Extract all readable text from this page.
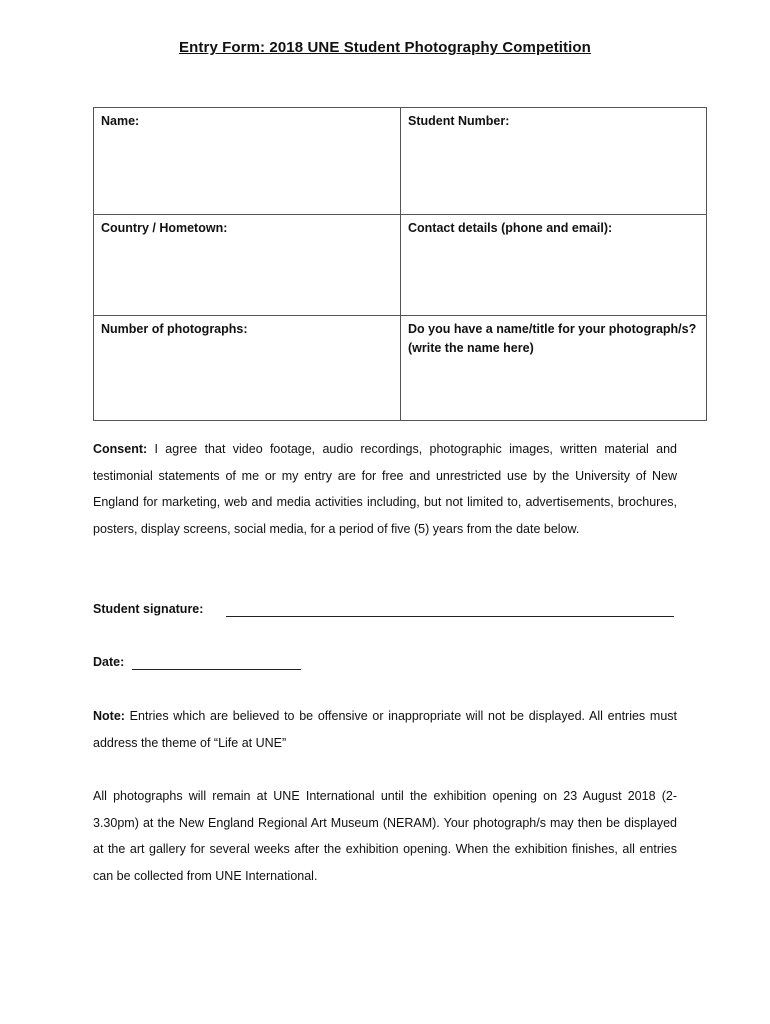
Entry Form: 2018 UNE Student Photography Competition
Name:	Student Number:
Country / Hometown:	Contact details (phone and email):
Number of photographs:	Do you have a name/title for your photograph/s? (write the name here)
Consent: I agree that video footage, audio recordings, photographic images, written material and testimonial statements of me or my entry are for free and unrestricted use by the University of New England for marketing, web and media activities including, but not limited to, advertisements, brochures, posters, display screens, social media, for a period of five (5) years from the date below.
Student signature:
Date:
Note: Entries which are believed to be offensive or inappropriate will not be displayed. All entries must address the theme of “Life at UNE”
All photographs will remain at UNE International until the exhibition opening on 23 August 2018 (2-3.30pm) at the New England Regional Art Museum (NERAM). Your photograph/s may then be displayed at the art gallery for several weeks after the exhibition opening. When the exhibition finishes, all entries can be collected from UNE International.
